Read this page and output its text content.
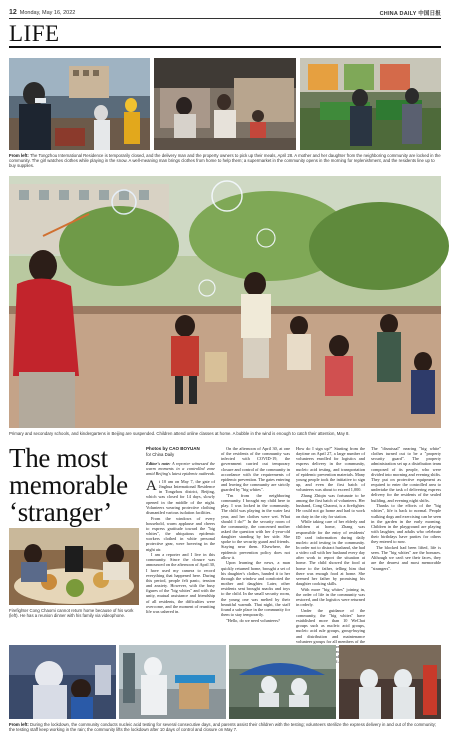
12 Monday, May 16, 2022	CHINA DAILY 中国日报
LIFE
From left: The Tongzhou International Residence is temporarily closed, and the delivery man and the property owners to pick up their meals, April 28. A mother and her daughter from the neighboring community are locked in the community. The girl watches clothes while playing in the snow. A well-meaning man brings clothes from home to help them; a supermarket in the community opens in the morning for replenishment, and the residents line up to buy supplies.
Primary and secondary schools, and kindergartens in Beijing are suspended. Children attend online classes at home. A bubble in the wind is enough to catch their attention, May 8.
The most memorable ‘stranger’
Firefighter Cong Chaomi cannot return home because of his work (left). He has a reunion dinner with his family via videophone.

Photos by CAO BOYUAN

for China Daily

Editor's note: A reporter witnessed the warm moments in a controlled zone amid Beijing's latest epidemic outbreak.

At 10 am on May 7, the gate of Jinghua International Residence in Tongzhou district, Beijing, which was closed for 14 days, slowly opened in the middle of the night. Volunteers wearing protective clothing dismantled various isolation facilities.

From the windows of every household, warm applause and cheers to express gratitude toward the "big whites", the ubiquitous epidemic workers clothed in white personal protective gear, were hovering in the night air.

I am a reporter and I live in this community. Since the closure was announced on the afternoon of April 30, I have used my camera to record everything that happened here. During this period, people felt panic, tension and anxiety. However, with the busy figures of the "big whites" and with the unity, mutual assistance and friendship of all residents, the difficulties were overcome, and the moment of reuniting life was ushered in.

On the afternoon of April 30, at one of the residents of the community was infected with COVID-19, the government carried out temporary closure and control of the community in accordance with the requirements of epidemic prevention. The gates entering and leaving the community are strictly guarded by "big whites".

"I'm from the neighboring community. I brought my child here to play. I was locked in the community. The child was playing in the water last year, and her clothes were wet. What should I do?" In the security room of the community, the concerned mother asked the question with her 4-year-old daughter standing by her side. She spoke to the security guard and friends. Staying near them. Elsewhere, the epidemic prevention policy does not allow it.

Upon learning the news, a man quickly returned home, brought a set of his daughter's clothes, handed it to her through the window and comforted the mother and daughter. Later, other residents sent brought snacks and toys to the child. In the small security room, the young one was melted by their beautiful warmth. That night, the staff found a safe place in the community for them to stay temporarily.

"Hello, do we need volunteers?

How do I sign up?" Starting from the daytime on April 27, a large number of volunteers enrolled for logistics and express delivery in the community, nucleic acid testing, and transportation of epidemic prevention materials. Many young people took the initiative to sign up, and even the first batch of volunteers was about to exceed 1,000.

Zhang Zhiqin was fortunate to be among the first batch of volunteers. Her husband, Cong Chaomi, is a firefighter. He could not go home and had to work on duty in the city for station.

While taking care of her elderly and children at home, Zhang was responsible for the entry of residents' ID card information during daily nucleic acid testing in the community. In order not to distract husband, she had a video call with her husband every day after work to report the situation at home. The child showed the food at home to the father, telling him that there was enough food at home. She seemed her father by promising his daughter cooking skills.

With more "big whites" joining in, the order of life in the community was restored, and the logistics were returned in orderly.

Under the guidance of the community, the "big whites" have established more than 10 WeChat groups such as nucleic acid groups, nucleic acid rule groups, group-buying and distribution and maintenance volunteer groups for all members of the and

The "dismissal" nearing "big white" clothes turned out to be a "property security guard". The property administration set up a distribution team composed of its people, who were divided into morning and evening shifts. They put on protective equipment as required to enter the controlled area to undertake the task of delivering express delivery for the residents of the sealed building, and evening night shifts.

Thanks to the efforts of the "big whites", life is back to normal. People walking dogs and exercising can be seen in the garden in the early morning. Children in the playground are playing with laughter, and adults who celebrate their birthdays have parties for others they entered to now.

The blocked had been lifted, life is seen. The "big whites" are the bonuses. Although we can't see their faces, they are the dearest and most memorable "strangers".

From left: During the lockdown, the community conducts nucleic acid testing for several consecutive days, and parents assist their children with the testing; volunteers sterilize the express delivery in and out of the community; the testing staff keep working in the rain; the community lifts the lockdown after 10 days of control and closure on May 7.
